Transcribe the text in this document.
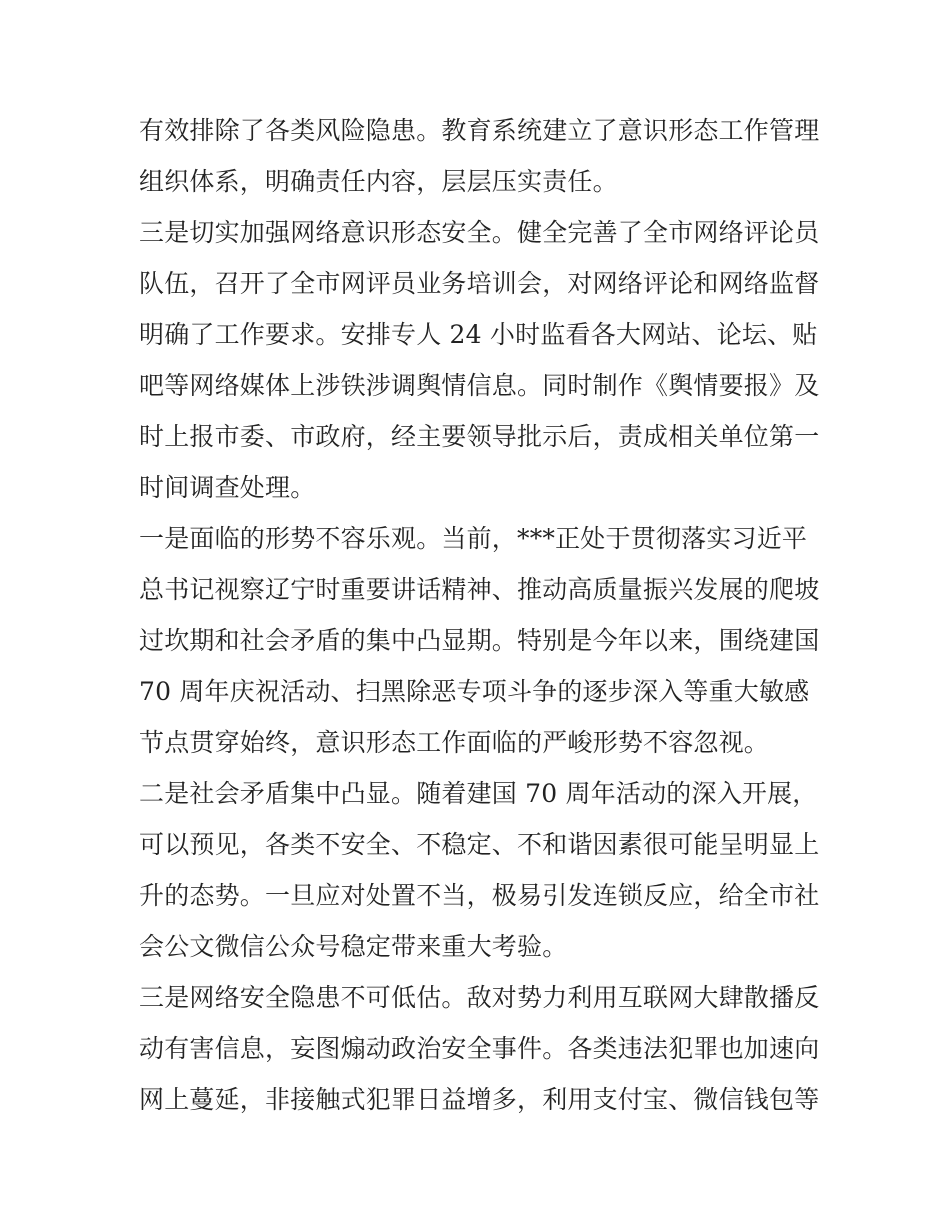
有效排除了各类风险隐患。教育系统建立了意识形态工作管理
组织体系，明确责任内容，层层压实责任。
三是切实加强网络意识形态安全。健全完善了全市网络评论员
队伍，召开了全市网评员业务培训会，对网络评论和网络监督
明确了工作要求。安排专人 24 小时监看各大网站、论坛、贴
吧等网络媒体上涉铁涉调舆情信息。同时制作《舆情要报》及
时上报市委、市政府，经主要领导批示后，责成相关单位第一
时间调查处理。
一是面临的形势不容乐观。当前，***正处于贯彻落实习近平
总书记视察辽宁时重要讲话精神、推动高质量振兴发展的爬坡
过坎期和社会矛盾的集中凸显期。特别是今年以来，围绕建国
70 周年庆祝活动、扫黑除恶专项斗争的逐步深入等重大敏感
节点贯穿始终，意识形态工作面临的严峻形势不容忽视。
二是社会矛盾集中凸显。随着建国 70 周年活动的深入开展，
可以预见，各类不安全、不稳定、不和谐因素很可能呈明显上
升的态势。一旦应对处置不当，极易引发连锁反应，给全市社
会公文微信公众号稳定带来重大考验。
三是网络安全隐患不可低估。敌对势力利用互联网大肆散播反
动有害信息，妄图煽动政治安全事件。各类违法犯罪也加速向
网上蔓延，非接触式犯罪日益增多，利用支付宝、微信钱包等
